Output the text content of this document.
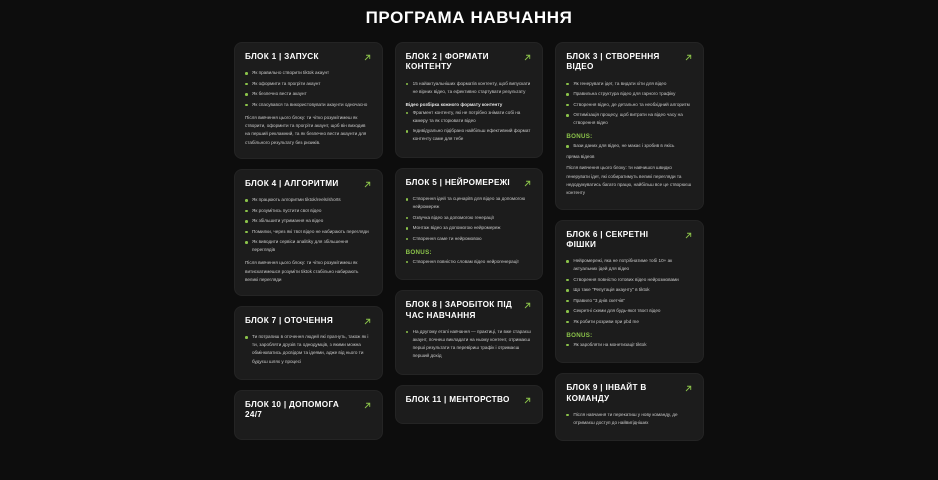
ПРОГРАМА НАВЧАННЯ
БЛОК 1 | ЗАПУСК
Як правильно створити tiktok акаунт
Як оформити та прогріти акаунт
Як безпечно вести акаунт
Як спасувався та використовувати акаунти одночасно

Після вивчення цього блоку: ти чітко розумітимеш як створити, оформити та прогріти акаунт, щоб він виходив на перший рекламний, та як безпечно вести акаунти для стабільного результату без ризиків.

БЛОК 4 | АЛГОРИТМИ
Як працюють алгоритми tiktok/reels/shorts
Як розумітись пустити свої відео
Як збільшити утримання на відео
Помилки, через які твої відео не набирають перегляди
Як виводити сервіси analitiky для збільшення переглядів

Після вивчення цього блоку: ти чітко розумітимеш як витискатимешся розуміти tiktok стабільно набирають великі перегляди

БЛОК 7 | ОТОЧЕННЯ
Ти потрапиш в оточення людей які прагнуть, також як і ти, заробляти друзів та однодумців, з якими можна обмінюватись досвідом та ідеями, адже від нього ти будуєш шлях у процесі

БЛОК 10 | ДОПОМОГА 24/7

БЛОК 2 | ФОРМАТИ КОНТЕНТУ
15 найактуальніших форматів контенту, щоб випускати не вірних відео, та ефективно стартувати результату

Відео розбірка кожного формату контенту

Фрагмент контенту, які не потрібно знімати собі на камеру та як сторювати відео
Індивідуально підібрано найбільш ефективний формат контенту саме для тебе

БЛОК 5 | НЕЙРОМЕРЕЖІ
Створення ідей та сценаріїв для відео за допомогою нейромереж
Озвучка відео за допомогою генерації
Монтаж відео за допомогою нейромереж
Створення саме ти нейромовою
BONUS:
Створення повністю словам відео нейрогенерації

БЛОК 8 | ЗАРОБІТОК ПІД ЧАС НАВЧАННЯ
На другому етапі навчання — практиці, ти вже стараєш акаунт, почнеш викладати на ньому контент, отримаєш перші результати та перевіриш трафік і отримаєш перший дохід

БЛОК 11 | МЕНТОРСТВО

БЛОК 3 | СТВОРЕННЯ ВІДЕО
Як генерувати ідеї, та видати хіти для відео
Правильна структура відео для гарного трафіку
Створення відео, де детально та необхідний алгоритм
Оптимізація процесу, щоб витрати на відео часу на створення відео
BONUS:
Бази даних для відео, не макає і зробив в якісь

пряма відеов

Після вивчення цього блоку: ти навчишся швидко генерувати ідеї, які собиратимуть великі перегляди та недодумуватись багато працю, найбільш все це створюєш контенту

БЛОК 6 | СЕКРЕТНІ ФІШКИ
Нейромережі, яка не потрібнатиме тобі 10+ ак актуальних ідей для відео
Створення повністю готових відео нейрозмовами
Що таке "Репутація акаунту" в tiktok
Правило "3 днів скетчів"
Секретні схеми для будь-якої твоєї відео
Як робити розриви при pbd me
BONUS:
Як заробляти на монетизації tiktok

БЛОК 9 | ІНВАЙТ В КОМАНДУ
Після навчання ти перекатиш у нову команду, де отримаєш доступ до найвигідніших
